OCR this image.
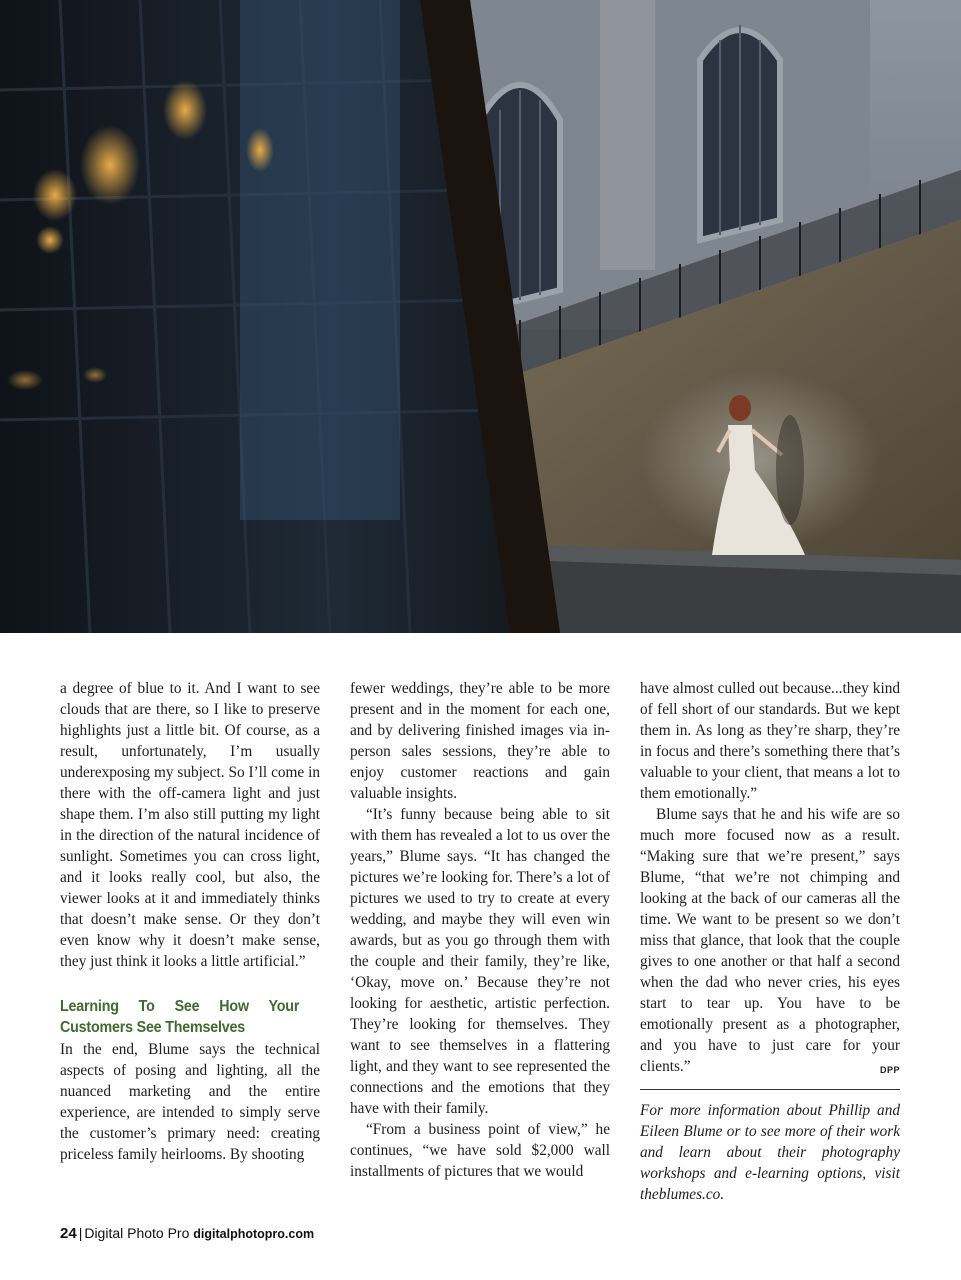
a degree of blue to it. And I want to see clouds that are there, so I like to preserve highlights just a little bit. Of course, as a result, unfortunately, I’m usually underexposing my subject. So I’ll come in there with the off-camera light and just shape them. I’m also still putting my light in the direction of the natural incidence of sunlight. Sometimes you can cross light, and it looks really cool, but also, the viewer looks at it and immediately thinks that doesn’t make sense. Or they don’t even know why it doesn’t make sense, they just think it looks a little artificial.”

Learning To See How Your Customers See Themselves

In the end, Blume says the technical aspects of posing and lighting, all the nuanced marketing and the entire experience, are intended to simply serve the customer’s primary need: creating priceless family heirlooms. By shooting

fewer weddings, they’re able to be more present and in the moment for each one, and by delivering finished images via in-person sales sessions, they’re able to enjoy customer reactions and gain valuable insights.

“It’s funny because being able to sit with them has revealed a lot to us over the years,” Blume says. “It has changed the pictures we’re looking for. There’s a lot of pictures we used to try to create at every wedding, and maybe they will even win awards, but as you go through them with the couple and their family, they’re like, ‘Okay, move on.’ Because they’re not looking for aesthetic, artistic perfection. They’re looking for themselves. They want to see themselves in a flattering light, and they want to see represented the connections and the emotions that they have with their family.

“From a business point of view,” he continues, “we have sold $2,000 wall installments of pictures that we would

have almost culled out because...they kind of fell short of our standards. But we kept them in. As long as they’re sharp, they’re in focus and there’s something there that’s valuable to your client, that means a lot to them emotionally.”

Blume says that he and his wife are so much more focused now as a result. “Making sure that we’re present,” says Blume, “that we’re not chimping and looking at the back of our cameras all the time. We want to be present so we don’t miss that glance, that look that the couple gives to one another or that half a second when the dad who never cries, his eyes start to tear up. You have to be emotionally present as a photographer, and you have to just care for your clients.”	DPP

For more information about Phillip and Eileen Blume or to see more of their work and learn about their photography workshops and e-learning options, visit theblumes.co.
24 | Digital Photo Pro digitalphotopro.com
